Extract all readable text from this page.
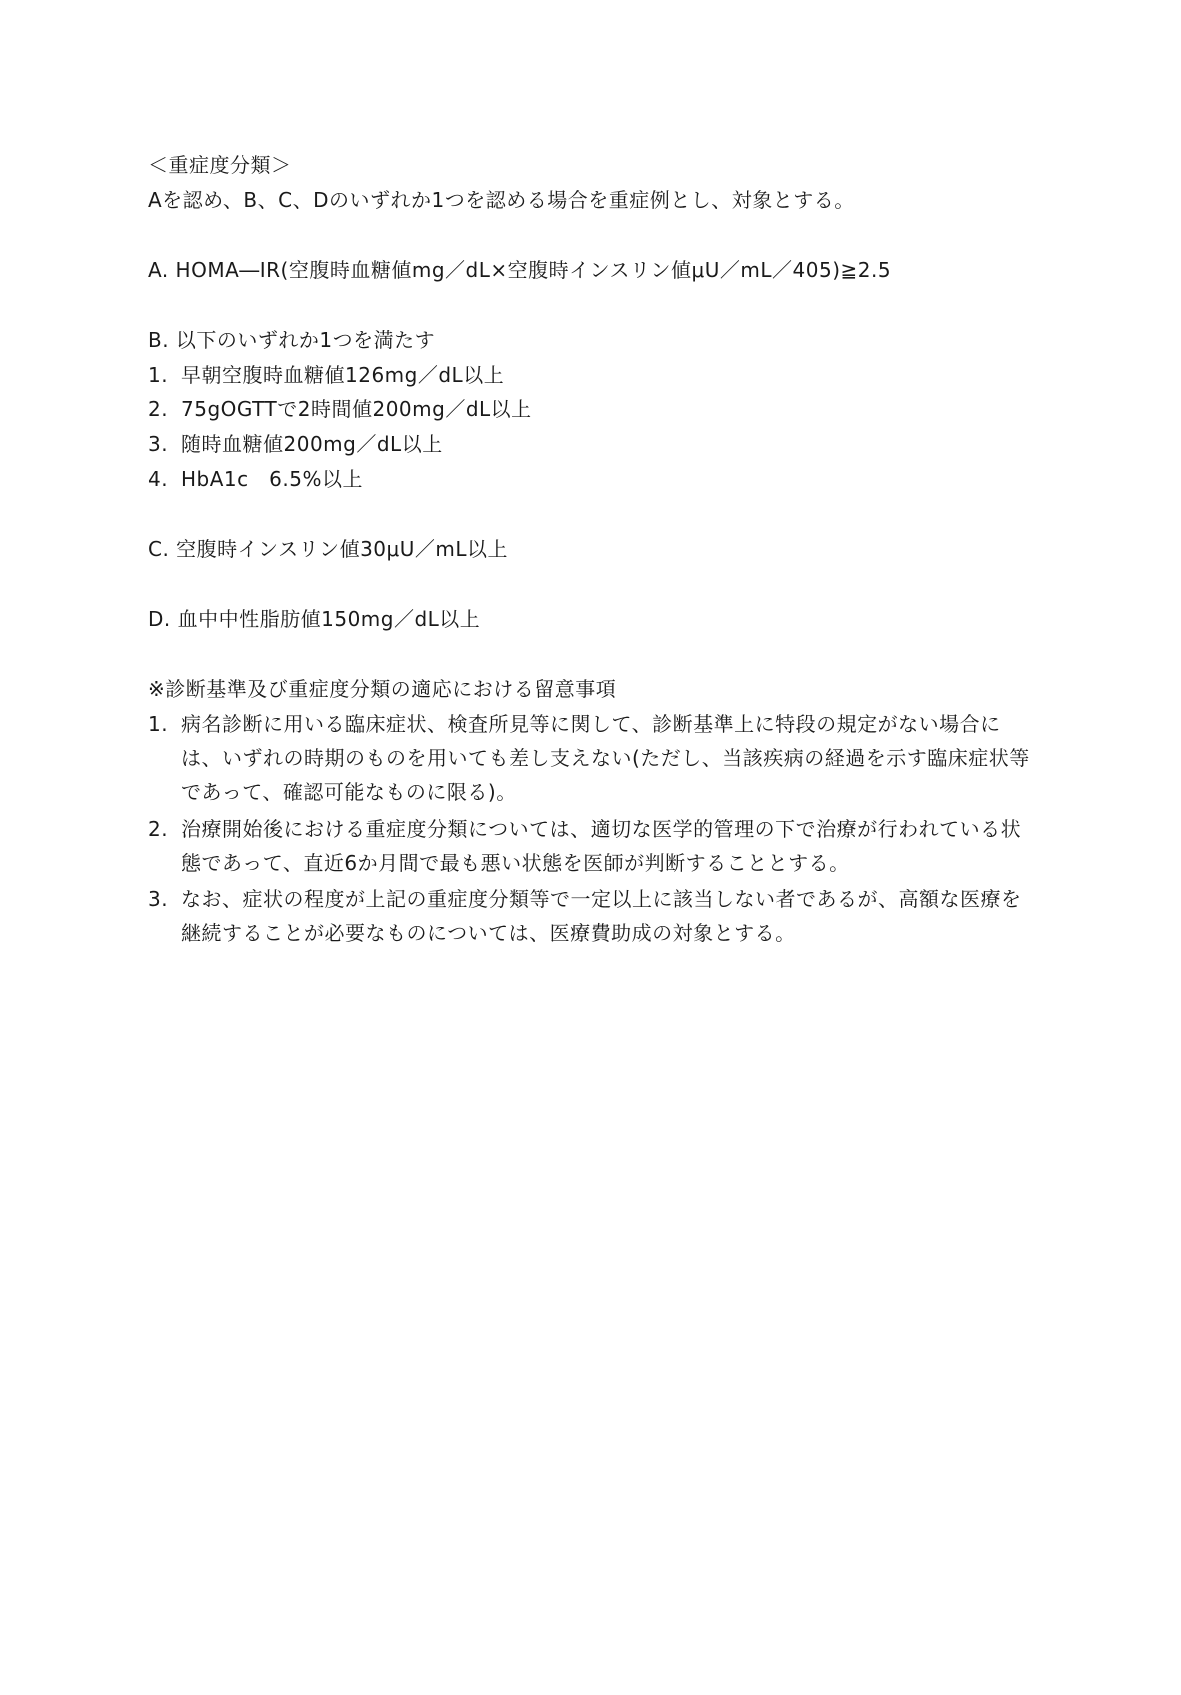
＜重症度分類＞
Aを認め、B、C、Dのいずれか1つを認める場合を重症例とし、対象とする。
A. HOMA―IR(空腹時血糖値mg／dL×空腹時インスリン値μU／mL／405)≧2.5
B. 以下のいずれか1つを満たす
1. 早朝空腹時血糖値126mg／dL以上
2. 75gOGTTで2時間値200mg／dL以上
3. 随時血糖値200mg／dL以上
4. HbA1c　6.5%以上
C. 空腹時インスリン値30μU／mL以上
D. 血中中性脂肪値150mg／dL以上
※診断基準及び重症度分類の適応における留意事項
1. 病名診断に用いる臨床症状、検査所見等に関して、診断基準上に特段の規定がない場合には、いずれの時期のものを用いても差し支えない(ただし、当該疾病の経過を示す臨床症状等であって、確認可能なものに限る)。
2. 治療開始後における重症度分類については、適切な医学的管理の下で治療が行われている状態であって、直近6か月間で最も悪い状態を医師が判断することとする。
3. なお、症状の程度が上記の重症度分類等で一定以上に該当しない者であるが、高額な医療を継続することが必要なものについては、医療費助成の対象とする。
